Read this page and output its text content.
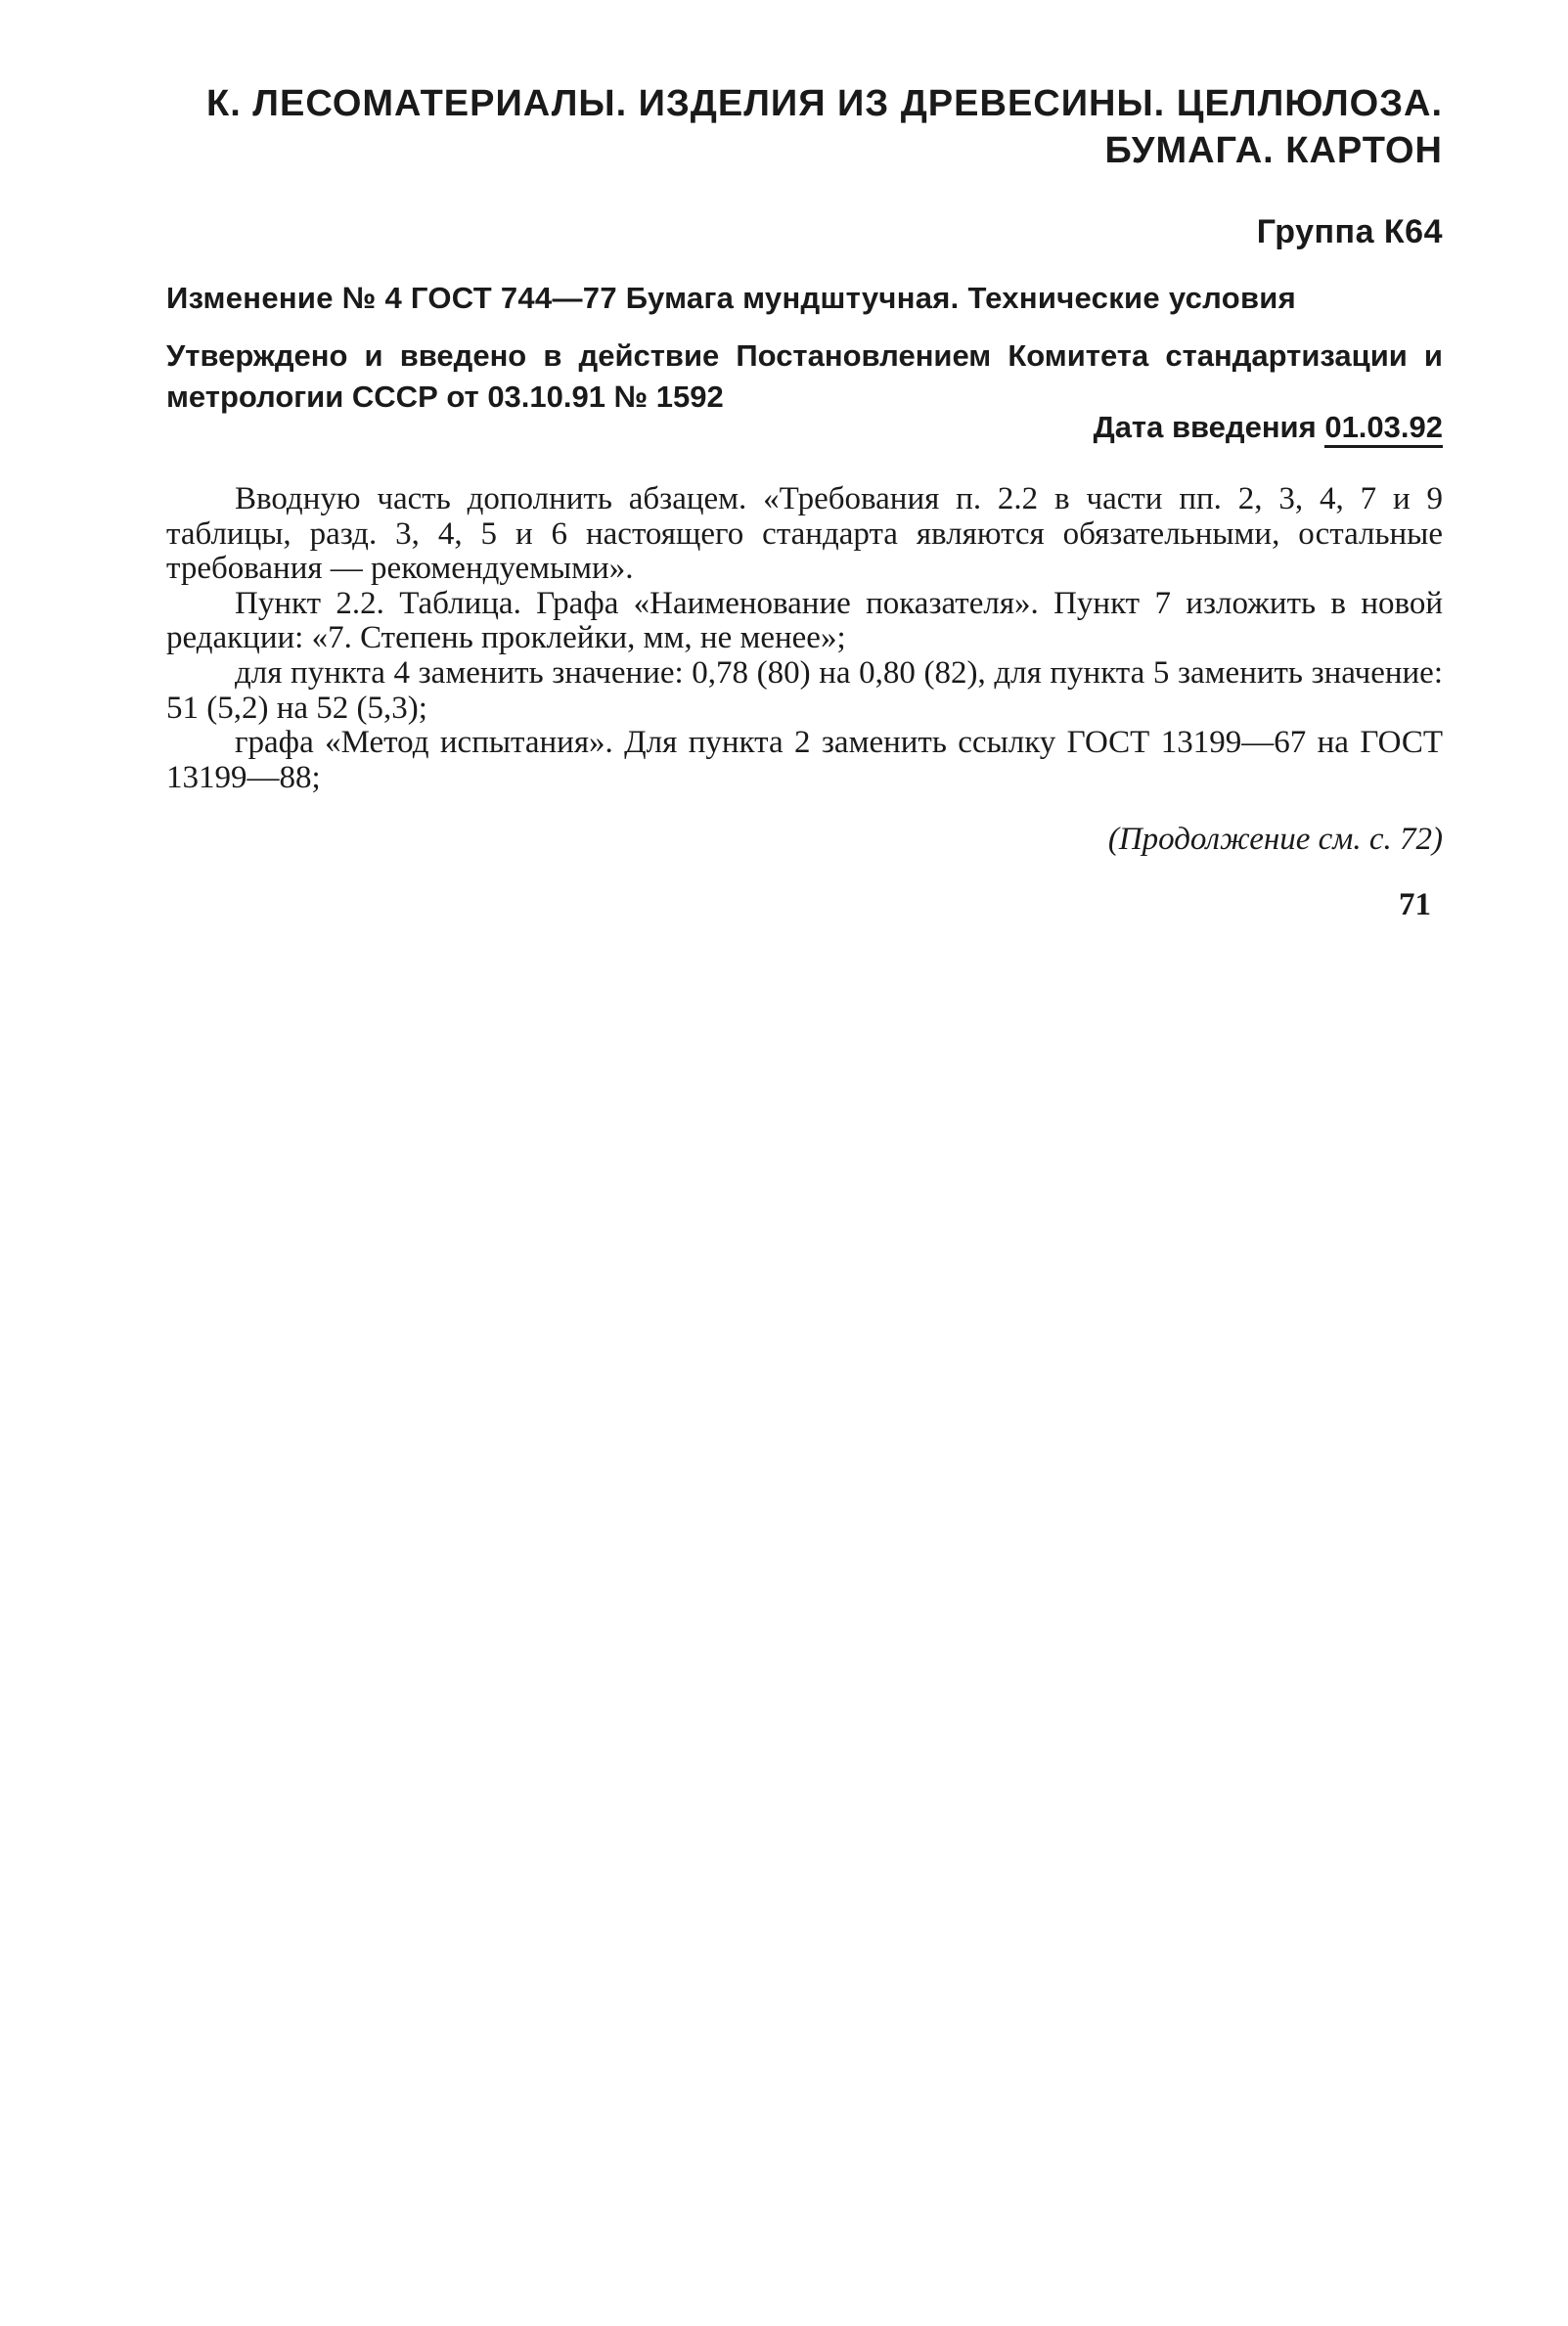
К. ЛЕСОМАТЕРИАЛЫ. ИЗДЕЛИЯ ИЗ ДРЕВЕСИНЫ. ЦЕЛЛЮЛОЗА.
БУМАГА. КАРТОН
Группа К64
Изменение № 4 ГОСТ 744—77 Бумага мундштучная. Технические условия
Утверждено и введено в действие Постановлением Комитета стандартизации и метрологии СССР от 03.10.91 № 1592
Дата введения 01.03.92

Вводную часть дополнить абзацем. «Требования п. 2.2 в части пп. 2, 3, 4, 7 и 9 таблицы, разд. 3, 4, 5 и 6 настоящего стандарта являются обязательными, остальные требования — рекомендуемыми».

Пункт 2.2. Таблица. Графа «Наименование показателя». Пункт 7 изложить в новой редакции: «7. Степень проклейки, мм, не менее»;

для пункта 4 заменить значение: 0,78 (80) на 0,80 (82), для пункта 5 заменить значение: 51 (5,2) на 52 (5,3);

графа «Метод испытания». Для пункта 2 заменить ссылку ГОСТ 13199—67 на ГОСТ 13199—88;

(Продолжение см. с. 72)
71
